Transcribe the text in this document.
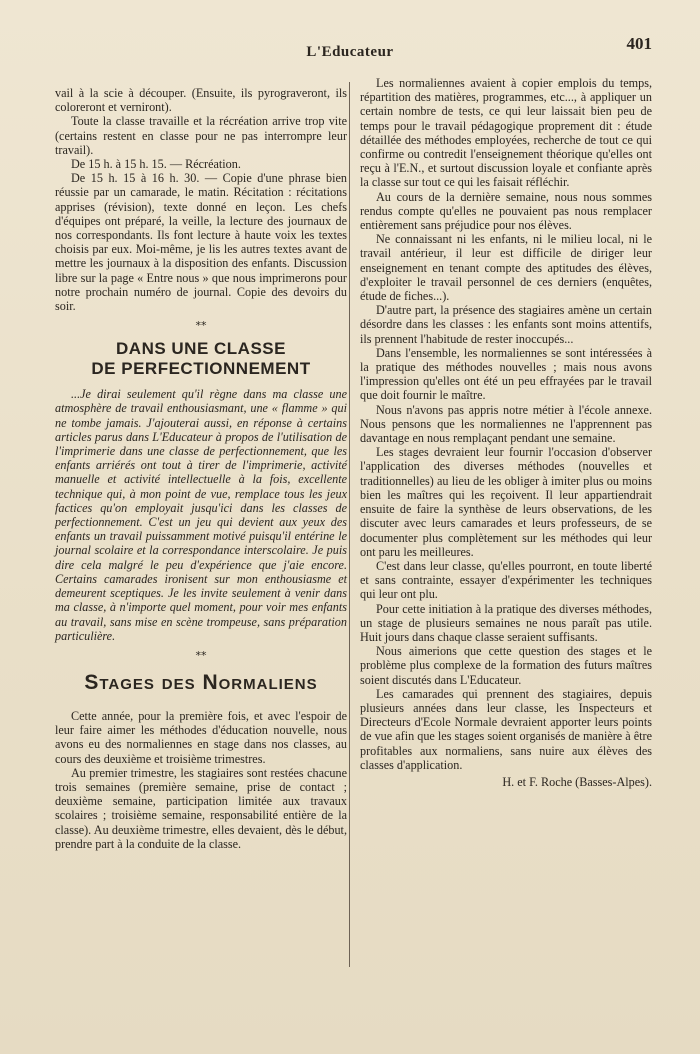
L'Educateur	401

vail à la scie à découper. (Ensuite, ils pyrograveront, ils coloreront et verniront).

Toute la classe travaille et la récréation arrive trop vite (certains restent en classe pour ne pas interrompre leur travail).

De 15 h. à 15 h. 15. — Récréation.

De 15 h. 15 à 16 h. 30. — Copie d'une phrase bien réussie par un camarade, le matin. Récitation : récitations apprises (révision), texte donné en leçon. Les chefs d'équipes ont préparé, la veille, la lecture des journaux de nos correspondants. Ils font lecture à haute voix les textes choisis par eux. Moi-même, je lis les autres textes avant de mettre les journaux à la disposition des enfants. Discussion libre sur la page « Entre nous » que nous imprimerons pour notre prochain numéro de journal. Copie des devoirs du soir.

**
DANS UNE CLASSE
DE PERFECTIONNEMENT

...Je dirai seulement qu'il règne dans ma classe une atmosphère de travail enthousiasmant, une « flamme » qui ne tombe jamais. J'ajouterai aussi, en réponse à certains articles parus dans L'Educateur à propos de l'utilisation de l'imprimerie dans une classe de perfectionnement, que les enfants arriérés ont tout à tirer de l'imprimerie, activité manuelle et activité intellectuelle à la fois, excellente technique qui, à mon point de vue, remplace tous les jeux factices qu'on employait jusqu'ici dans les classes de perfectionnement. C'est un jeu qui devient aux yeux des enfants un travail puissamment motivé puisqu'il entérine le journal scolaire et la correspondance interscolaire. Je puis dire cela malgré le peu d'expérience que j'aie encore. Certains camarades ironisent sur mon enthousiasme et demeurent sceptiques. Je les invite seulement à venir dans ma classe, à n'importe quel moment, pour voir mes enfants au travail, sans mise en scène trompeuse, sans préparation particulière.

**
Stages des Normaliens

Cette année, pour la première fois, et avec l'espoir de leur faire aimer les méthodes d'éducation nouvelle, nous avons eu des normaliennes en stage dans nos classes, au cours des deuxième et troisième trimestres.

Au premier trimestre, les stagiaires sont restées chacune trois semaines (première semaine, prise de contact ; deuxième semaine, participation limitée aux travaux scolaires ; troisième semaine, responsabilité entière de la classe). Au deuxième trimestre, elles devaient, dès le début, prendre part à la conduite de la classe.

Les normaliennes avaient à copier emplois du temps, répartition des matières, programmes, etc..., à appliquer un certain nombre de tests, ce qui leur laissait bien peu de temps pour le travail pédagogique proprement dit : étude détaillée des méthodes employées, recherche de tout ce qui confirme ou contredit l'enseignement théorique qu'elles ont reçu à l'E.N., et surtout discussion loyale et confiante après la classe sur tout ce qui les faisait réfléchir.

Au cours de la dernière semaine, nous nous sommes rendus compte qu'elles ne pouvaient pas nous remplacer entièrement sans préjudice pour nos élèves.

Ne connaissant ni les enfants, ni le milieu local, ni le travail antérieur, il leur est difficile de diriger leur enseignement en tenant compte des aptitudes des élèves, d'exploiter le travail personnel de ces derniers (enquêtes, étude de fiches...).

D'autre part, la présence des stagiaires amène un certain désordre dans les classes : les enfants sont moins attentifs, ils prennent l'habitude de rester inoccupés...

Dans l'ensemble, les normaliennes se sont intéressées à la pratique des méthodes nouvelles ; mais nous avons l'impression qu'elles ont été un peu effrayées par le travail que doit fournir le maître.

Nous n'avons pas appris notre métier à l'école annexe. Nous pensons que les normaliennes ne l'apprennent pas davantage en nous remplaçant pendant une semaine.

Les stages devraient leur fournir l'occasion d'observer l'application des diverses méthodes (nouvelles et traditionnelles) au lieu de les obliger à imiter plus ou moins bien les maîtres qui les reçoivent. Il leur appartiendrait ensuite de faire la synthèse de leurs observations, de les discuter avec leurs camarades et leurs professeurs, de se documenter plus complètement sur les méthodes qui leur ont paru les meilleures.

C'est dans leur classe, qu'elles pourront, en toute liberté et sans contrainte, essayer d'expérimenter les techniques qui leur ont plu.

Pour cette initiation à la pratique des diverses méthodes, un stage de plusieurs semaines ne nous paraît pas utile. Huit jours dans chaque classe seraient suffisants.

Nous aimerions que cette question des stages et le problème plus complexe de la formation des futurs maîtres soient discutés dans L'Educateur.

Les camarades qui prennent des stagiaires, depuis plusieurs années dans leur classe, les Inspecteurs et Directeurs d'Ecole Normale devraient apporter leurs points de vue afin que les stages soient organisés de manière à être profitables aux normaliens, sans nuire aux élèves des classes d'application.

H. et F. Roche (Basses-Alpes).
